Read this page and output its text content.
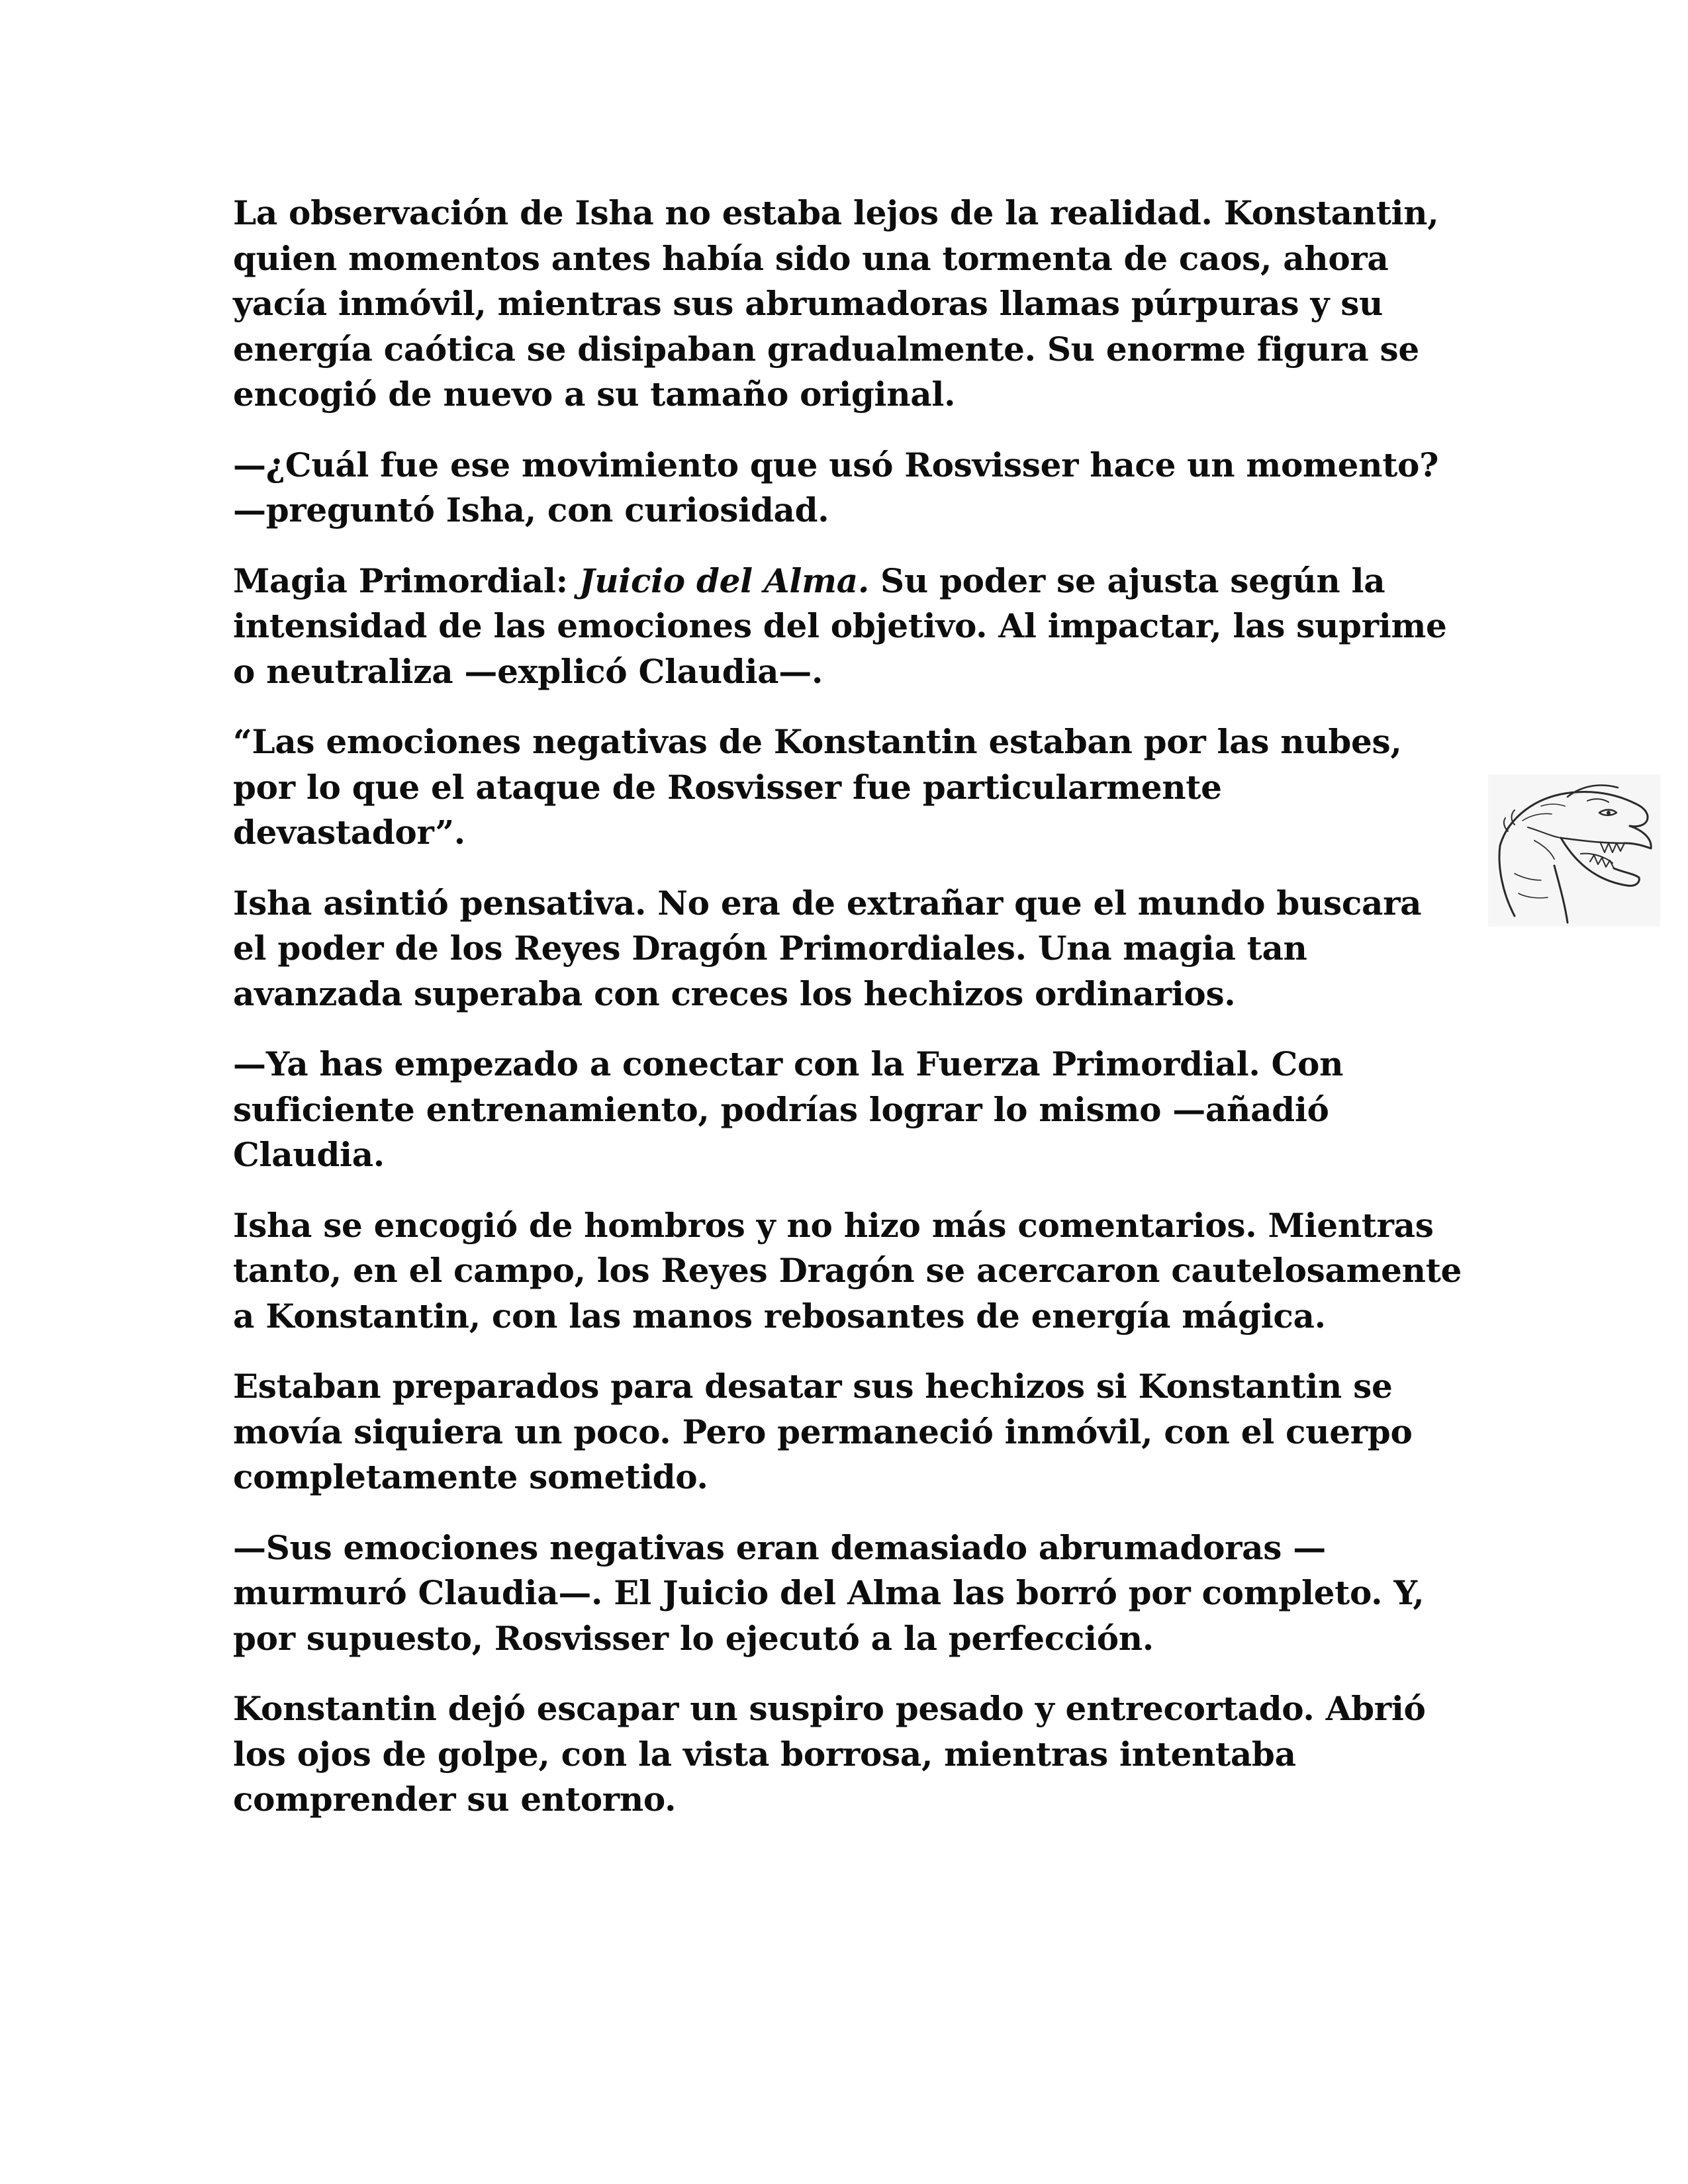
La observación de Isha no estaba lejos de la realidad. Konstantin, quien momentos antes había sido una tormenta de caos, ahora yacía inmóvil, mientras sus abrumadoras llamas púrpuras y su energía caótica se disipaban gradualmente. Su enorme figura se encogió de nuevo a su tamaño original.

—¿Cuál fue ese movimiento que usó Rosvisser hace un momento? —preguntó Isha, con curiosidad.

Magia Primordial: Juicio del Alma. Su poder se ajusta según la intensidad de las emociones del objetivo. Al impactar, las suprime o neutraliza —explicó Claudia—.

“Las emociones negativas de Konstantin estaban por las nubes, por lo que el ataque de Rosvisser fue particularmente devastador”.

Isha asintió pensativa. No era de extrañar que el mundo buscara el poder de los Reyes Dragón Primordiales. Una magia tan avanzada superaba con creces los hechizos ordinarios.

—Ya has empezado a conectar con la Fuerza Primordial. Con suficiente entrenamiento, podrías lograr lo mismo —añadió Claudia.

Isha se encogió de hombros y no hizo más comentarios. Mientras tanto, en el campo, los Reyes Dragón se acercaron cautelosamente a Konstantin, con las manos rebosantes de energía mágica.

Estaban preparados para desatar sus hechizos si Konstantin se movía siquiera un poco. Pero permaneció inmóvil, con el cuerpo completamente sometido.

—Sus emociones negativas eran demasiado abrumadoras — murmuró Claudia—. El Juicio del Alma las borró por completo. Y, por supuesto, Rosvisser lo ejecutó a la perfección.

Konstantin dejó escapar un suspiro pesado y entrecortado. Abrió los ojos de golpe, con la vista borrosa, mientras intentaba comprender su entorno.
